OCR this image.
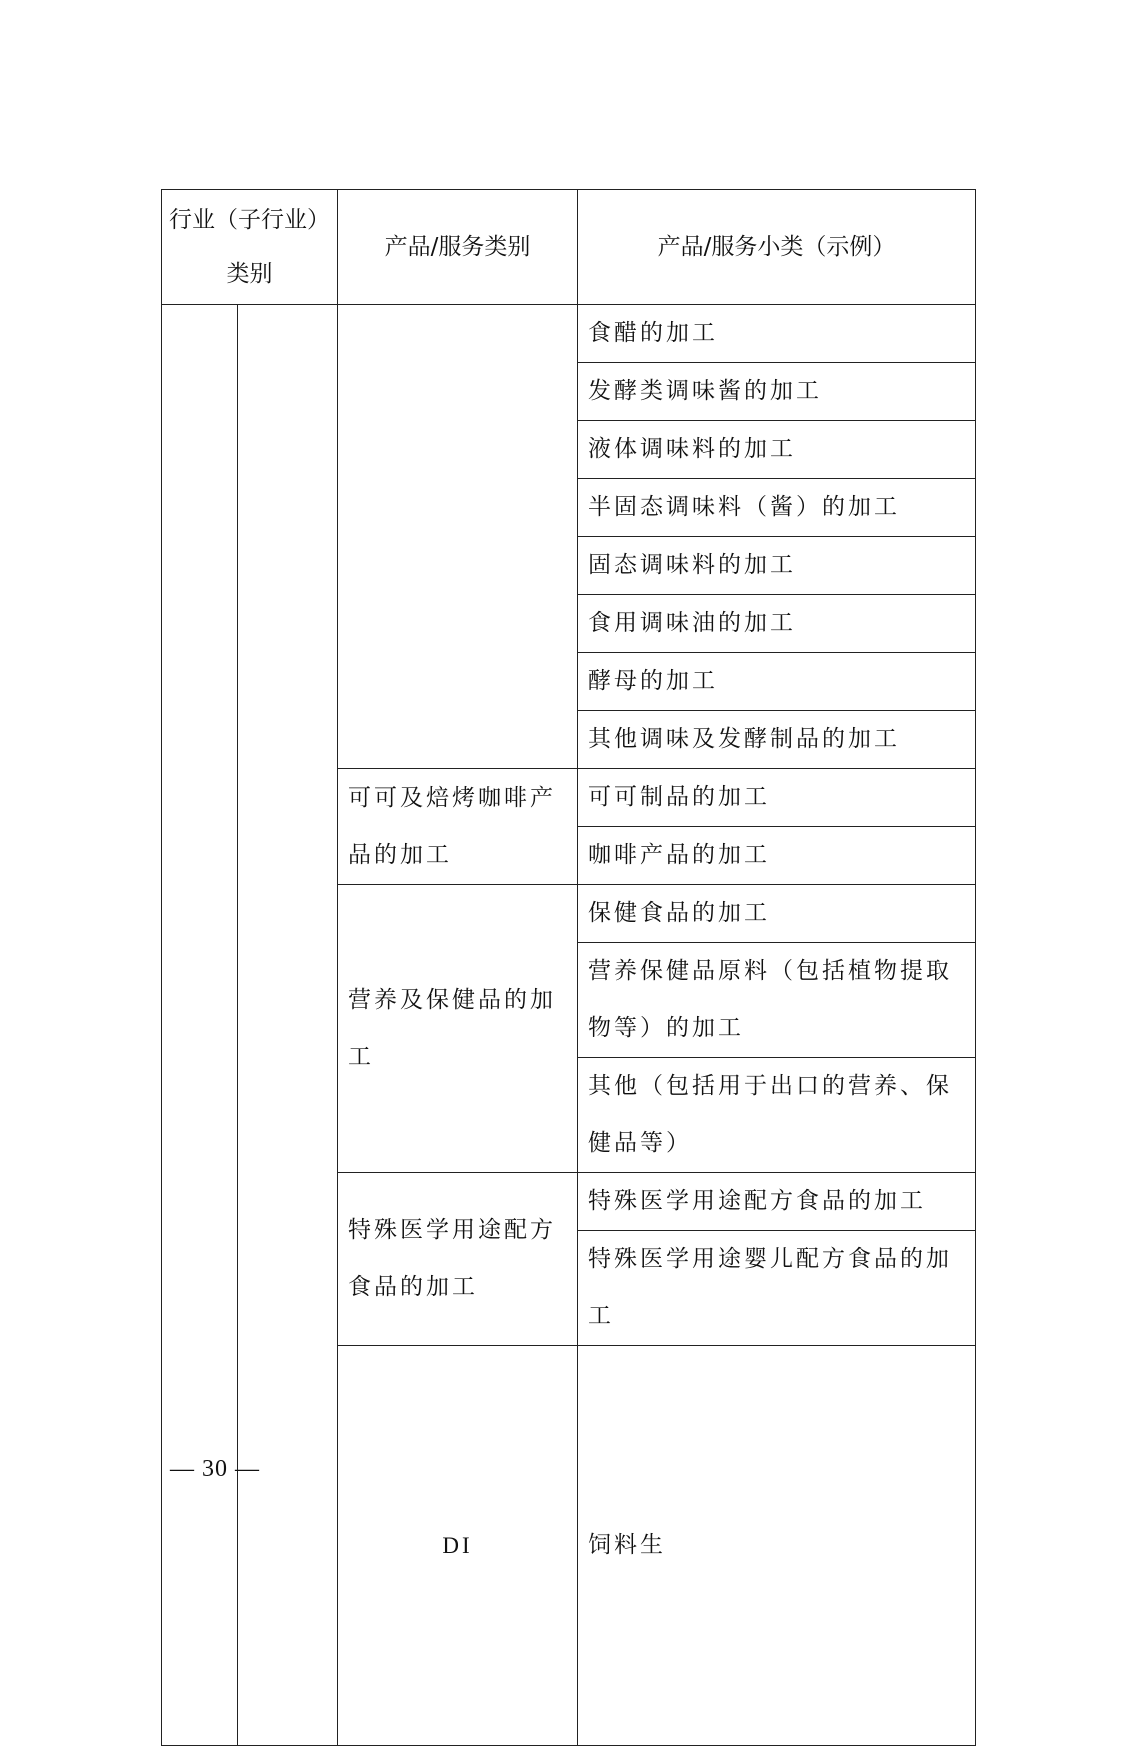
行业（子行业）类别		产品/服务类别	产品/服务小类（示例）	
			食醋的加工	
			发酵类调味酱的加工	
			液体调味料的加工	
			半固态调味料（酱）的加工	
			固态调味料的加工	
			食用调味油的加工	
			酵母的加工	
			其他调味及发酵制品的加工	
		可可及焙烤咖啡产品的加工	可可制品的加工	
			咖啡产品的加工	
		营养及保健品的加工	保健食品的加工	
			营养保健品原料（包括植物提取物等）的加工	
			其他（包括用于出口的营养、保健品等）	
		特殊医学用途配方食品的加工	特殊医学用途配方食品的加工	
			特殊医学用途婴儿配方食品的加工	
		DI	饲料生		
— 30 —
